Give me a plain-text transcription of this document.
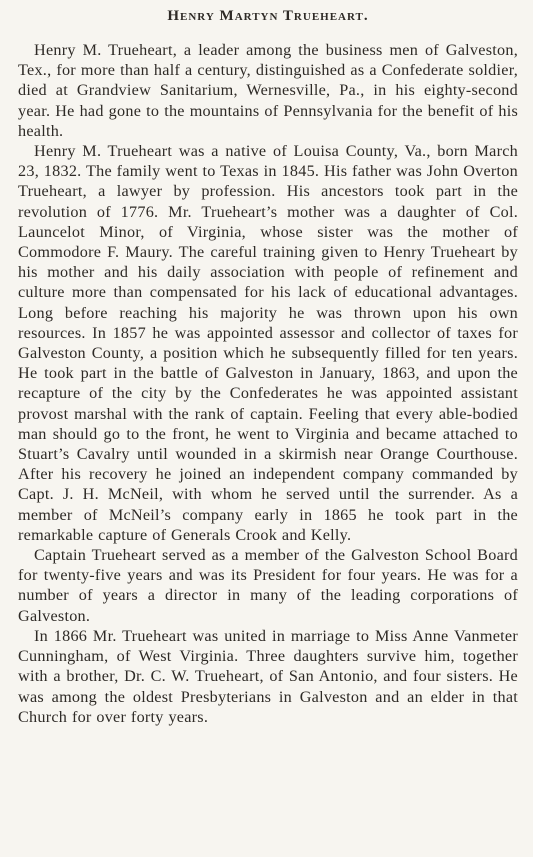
Henry Martyn Trueheart.

Henry M. Trueheart, a leader among the business men of Galveston, Tex., for more than half a century, distinguished as a Confederate soldier, died at Grandview Sanitarium, Wernesville, Pa., in his eighty-second year. He had gone to the mountains of Pennsylvania for the benefit of his health.

Henry M. Trueheart was a native of Louisa County, Va., born March 23, 1832. The family went to Texas in 1845. His father was John Overton Trueheart, a lawyer by profession. His ancestors took part in the revolution of 1776. Mr. Trueheart’s mother was a daughter of Col. Launcelot Minor, of Virginia, whose sister was the mother of Commodore F. Maury. The careful training given to Henry Trueheart by his mother and his daily association with people of refinement and culture more than compensated for his lack of educational advantages. Long before reaching his majority he was thrown upon his own resources. In 1857 he was appointed assessor and collector of taxes for Galveston County, a position which he subsequently filled for ten years. He took part in the battle of Galveston in January, 1863, and upon the recapture of the city by the Confederates he was appointed assistant provost marshal with the rank of captain. Feeling that every able-bodied man should go to the front, he went to Virginia and became attached to Stuart’s Cavalry until wounded in a skirmish near Orange Courthouse. After his recovery he joined an independent company commanded by Capt. J. H. McNeil, with whom he served until the surrender. As a member of McNeil’s company early in 1865 he took part in the remarkable capture of Generals Crook and Kelly.

Captain Trueheart served as a member of the Galveston School Board for twenty-five years and was its President for four years. He was for a number of years a director in many of the leading corporations of Galveston.

In 1866 Mr. Trueheart was united in marriage to Miss Anne Vanmeter Cunningham, of West Virginia. Three daughters survive him, together with a brother, Dr. C. W. Trueheart, of San Antonio, and four sisters. He was among the oldest Presbyterians in Galveston and an elder in that Church for over forty years.
